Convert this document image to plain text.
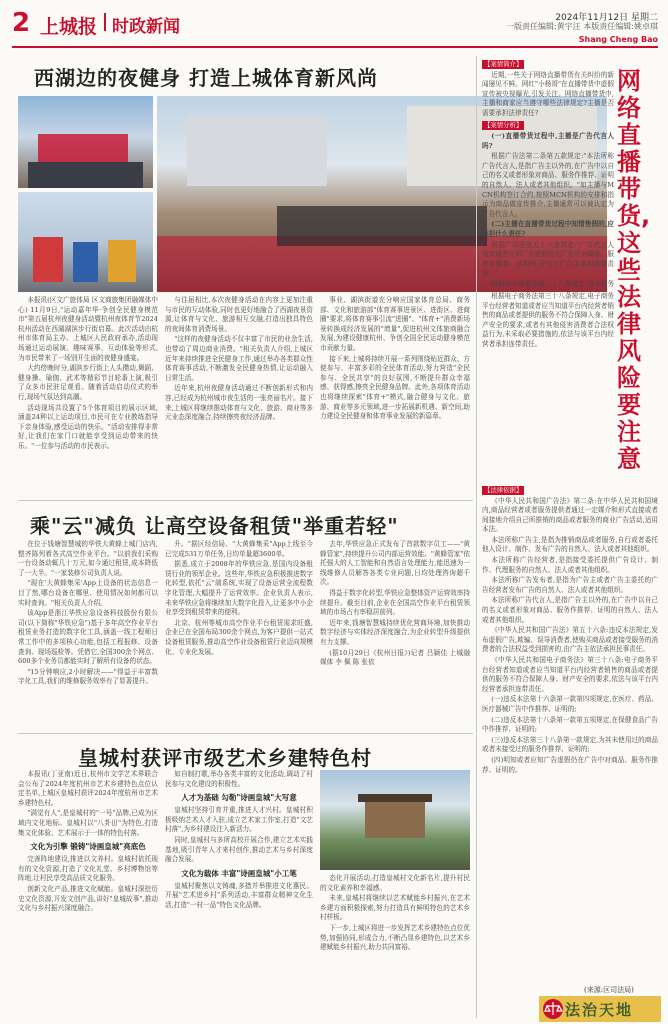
2 上城报 时政新闻	2024年11月12日 星期二
一版责任编辑:黄宇汪 本版责任编辑:姚卓琪
Shang Cheng Bao
西湖边的夜健身 打造上城体育新风尚

本报讯(区文广旅体局 区文商旅集团融媒体中心) 11月9日,"运动嘉年华·争创全民健身模范市"第五届杭州夜健身活动暨杭州夜体育节2024杭州活动在西湖湖滨步行街启幕。此次活动由杭州市体育局主办、上城区人民政府承办,活动现场通过运动展演、趣味赛事、互动体验等形式,为市民带来了一场别开生面的夜健身盛宴。

大约傍晚时分,湖滨步行街上人头攒动,舞蹈、健身操、瑜伽、武术等精彩节目轮番上演,吸引了众多市民驻足观看。随着活动启动仪式的举行,现场气氛达到高潮。

活动现场共设置了5个体育项目的展示区域,涵盖24种以上运动项目,市民可在专业教练指导下亲身体验,感受运动的快乐。"活动安排得非常好,让我们在家门口就能享受到运动带来的快乐。"一位参与活动的市民表示。

与往届相比,本次夜健身活动在内容上更加注重与市民的互动体验,同时也更好地融合了西湖夜景资源,让体育与文化、旅游相互交融,打造出独具特色的夜间体育消费场景。

"这样的夜健身活动不仅丰富了市民的业余生活,也带动了周边商业消费。"相关负责人介绍,上城区近年来持续推进全民健身工作,通过举办各类群众性体育赛事活动,不断激发全民健身热情,让运动融入日常生活。

近年来,杭州夜健身活动通过不断创新形式和内容,已经成为杭州城市夜生活的一张亮丽名片。接下来,上城区将继续推动体育与文化、旅游、商业等多元业态深度融合,持续擦亮夜经济品牌。

事业、湖滨街道充分响应国家体育总局、商务部、文化和旅游部"体育赛事进景区、进街区、进商圈"要求,将体育赛事引流"进圈"、"体育+"消费新场景转换成经济发展的"增量",促进杭州文体旅商融合发展,为建设健康杭州、争创全国全民运动健身模范市贡献力量。

接下来,上城将持续开展一系列围绕贴近群众、方便参与、丰富多彩的全民体育活动,努力营造"全民参与、全民共享"的良好氛围,不断提升群众幸福感、获得感,擦亮全民健身品牌。此外,各项体育活动也将继续探索"体育+"模式,融合健身与文化、旅游、商业等多元领域,进一步拓展新机遇、新空间,助力建设全民健身和体育事业发展的新篇章。

乘"云"减负 让高空设备租赁"举重若轻"

在位于钱塘智慧城的华铁大黄蜂上城门店内,整齐陈列着各式高空作业平台。"以前我们采购一台设备动辄几十万元,如今通过租赁,成本降低了一大半。"一家装修公司负责人说。

"现在'大黄蜂集采'App上设备的状态信息一目了然,哪台设备在哪里、使用情况如何都可以实时查询。"相关负责人介绍。

该App是浙江华铁应急设备科技股份有限公司(以下简称"华铁应急")基于多年高空作业平台租赁业务打造的数字化工具,涵盖一线工程师日常工作中的多项核心功能,包括工程报修、设备查询、现场巡检等。凭借它,全国300余个网点、600多个业务员都能实时了解所有设备的状态。

"15分钟响应,2小时解决——"得益于丰富数字化工具,我们的维修服务效率有了显著提升。

升。"据区经信局、"大黄蜂集采"App上线至今已完成531万单任务,日均单量超3600单。

据悉,成立于2008年的华铁应急,是国内设备租赁行业的领军企业。这些年,华铁应急积极推进数字化转型,依托"云"端系统,实现了设备运营全流程数字化管理,大幅提升了运营效率。企业负责人表示,未来华铁应急将继续加大数字化投入,让更多中小企业享受到租赁带来的便利。

北京、杭州等城市高空作业平台租赁需求旺盛,企业已在全国布局300余个网点,为客户提供一站式设备租赁服务,推动高空作业设备租赁行业迈向规模化、专业化发展。

去年,华铁应急正式发布了首款数字员工——"黄蜂管家",持续提升公司内部运营效能。"黄蜂管家"依托强大的人工智能和自然语言处理能力,能迅速为一线维修人员解答各类专业问题,日均处理咨询超千次。

得益于数字化转型,华铁应急整体资产运营效率持续提升。截至目前,企业在全国高空作业平台租赁领域的市场占有率稳居前列。

近年来,钱塘智慧城持续优化营商环境,加快推动数字经济与实体经济深度融合,为企业转型升级提供有力支撑。

(据10月29日《杭州日报》)记者 吕颖佳 上城融媒体 李 佩 陈 张依

皇城村获评市级艺术乡建特色村

本报讯(丁亚南)近日,杭州市文学艺术界联合会公布了2024年度杭州市艺术乡建特色点位认定名单,上城区皇城村获评2024年度杭州市艺术乡建特色村。

"满觉有人",是皇城村的"一号"品牌,已成为区域内文化地标。皇城村以"八卦田"为特色,打造集文化体验、艺术展示于一体的特色村落。

文化为引擎 锻铸"诗画皇城"亮底色

完善阵地建设,推进以文养村。皇城村依托现有的文化资源,打造了文化礼堂、乡村博物馆等阵地,让村民享受高品质文化服务。

创新文化产品,推进文化赋能。皇城村深挖历史文化资源,开发文创产品,讲好"皇城故事",推动文化与乡村振兴深度融合。

如自制打歌,举办各类丰富的文化活动,调动了村民参与文化建设的积极性。

人才为基础 勾勒"诗画皇城"大写意

皇城村坚持引育并重,推进人才兴村。皇城村积极吸纳艺术人才入驻,成立艺术家工作室,打造"文艺村落",为乡村建设注入新活力。

同时,皇城村与多所高校开展合作,建立艺术实践基地,吸引青年人才来村创作,推动艺术与乡村深度融合发展。

文化为载体 丰富"诗画皇城"小工笔

皇城村聚焦以文铸魂,多措并举推进文化惠民。开展"艺术进乡村"系列活动,丰富群众精神文化生活,打造"一村一品"特色文化品牌。

态化开展活动,打造皇城村文化新名片,提升村民的文化素养和幸福感。

未来,皇城村将继续以艺术赋能乡村振兴,在艺术乡建方面积极探索,努力打造具有鲜明特色的艺术乡村样板。

下一步,上城区将进一步发挥艺术乡建特色点位优势,加强协同,形成合力,不断凸显乡建特色,以艺术乡建赋能乡村振兴,助力共同富裕。

【案情简介】

近期,一些关于网络直播带货有关纠纷的新闻屡见不鲜。网红"小杨哥"在直播带货中虚假宣传被央视曝光,引发关注。网络直播带货中,主播和商家应当遵守哪些法律规定?主播是否需要承担法律责任?

【案情分析】

(一)直播带货过程中,主播是广告代言人吗?

根据广告法第二条第五款规定:"本法所称广告代言人,是指广告主以外的,在广告中以自己的名义或者形象对商品、服务作推荐、证明的自然人、法人或者其他组织。"如主播与MCN机构签订合约,按照MCN机构的安排和指示为商品做宣传推介,主播通常可以被认定为广告代言人。

(二)主播在直播带货过程中知情售假的,应承担什么责任?

根据广告法第五十六条规定:"广告代言人明知或者应知广告虚假仍在广告中对商品、服务作推荐、证明的,应当与广告主承担连带责任。"

根据电子商务法第三十八条规定,电子商务

网络直播带货,这些法律风险要注意

根据电子商务法第三十八条规定,电子商务平台经营者知道或者应当知道平台内经营者销售的商品或者提供的服务不符合保障人身、财产安全的要求,或者有其他侵害消费者合法权益行为,未采取必要措施的,依法与该平台内经营者承担连带责任。

【法律依据】

《中华人民共和国广告法》第二条:在中华人民共和国境内,商品经营者或者服务提供者通过一定媒介和形式直接或者间接地介绍自己所推销的商品或者服务的商业广告活动,适用本法。

本法所称广告主,是指为推销商品或者服务,自行或者委托他人设计、制作、发布广告的自然人、法人或者其他组织。

本法所称广告经营者,是指接受委托提供广告设计、制作、代理服务的自然人、法人或者其他组织。

本法所称广告发布者,是指为广告主或者广告主委托的广告经营者发布广告的自然人、法人或者其他组织。

本法所称广告代言人,是指广告主以外的,在广告中以自己的名义或者形象对商品、服务作推荐、证明的自然人、法人或者其他组织。

《中华人民共和国广告法》第五十六条:违反本法规定,发布虚假广告,欺骗、误导消费者,使购买商品或者接受服务的消费者的合法权益受到损害的,由广告主依法承担民事责任。

《中华人民共和国电子商务法》第三十八条:电子商务平台经营者知道或者应当知道平台内经营者销售的商品或者提供的服务不符合保障人身、财产安全的要求,依法与该平台内经营者承担连带责任。

(一)违反本法第十六条第一款第四项规定,在医疗、药品、医疗器械广告中作推荐、证明的;

(二)违反本法第十八条第一款第五项规定,在保健食品广告中作推荐、证明的;

(三)违反本法第三十八条第一款规定,为其未使用过的商品或者未接受过的服务作推荐、证明的;

(四)明知或者应知广告虚假仍在广告中对商品、服务作推荐、证明的。

(来源:区司法局)
法治天地
